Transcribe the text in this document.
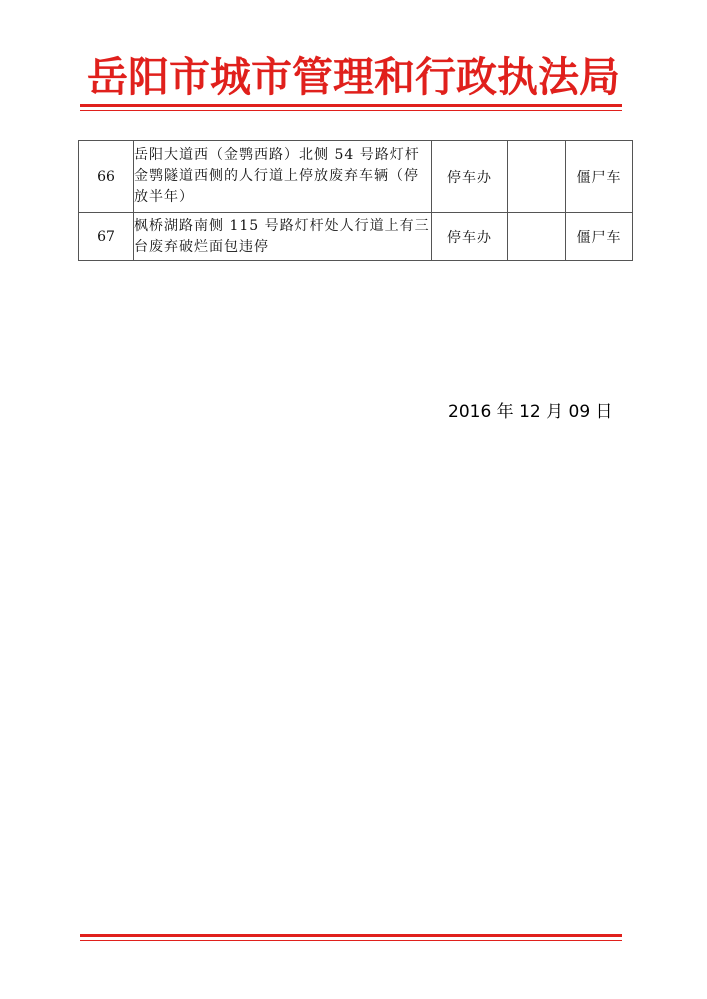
岳阳市城市管理和行政执法局
66	岳阳大道西（金鹗西路）北侧 54 号路灯杆金鹗隧道西侧的人行道上停放废弃车辆（停放半年）	停车办		僵尸车
67	枫桥湖路南侧 115 号路灯杆处人行道上有三台废弃破烂面包违停	停车办		僵尸车
2016 年 12 月 09 日
